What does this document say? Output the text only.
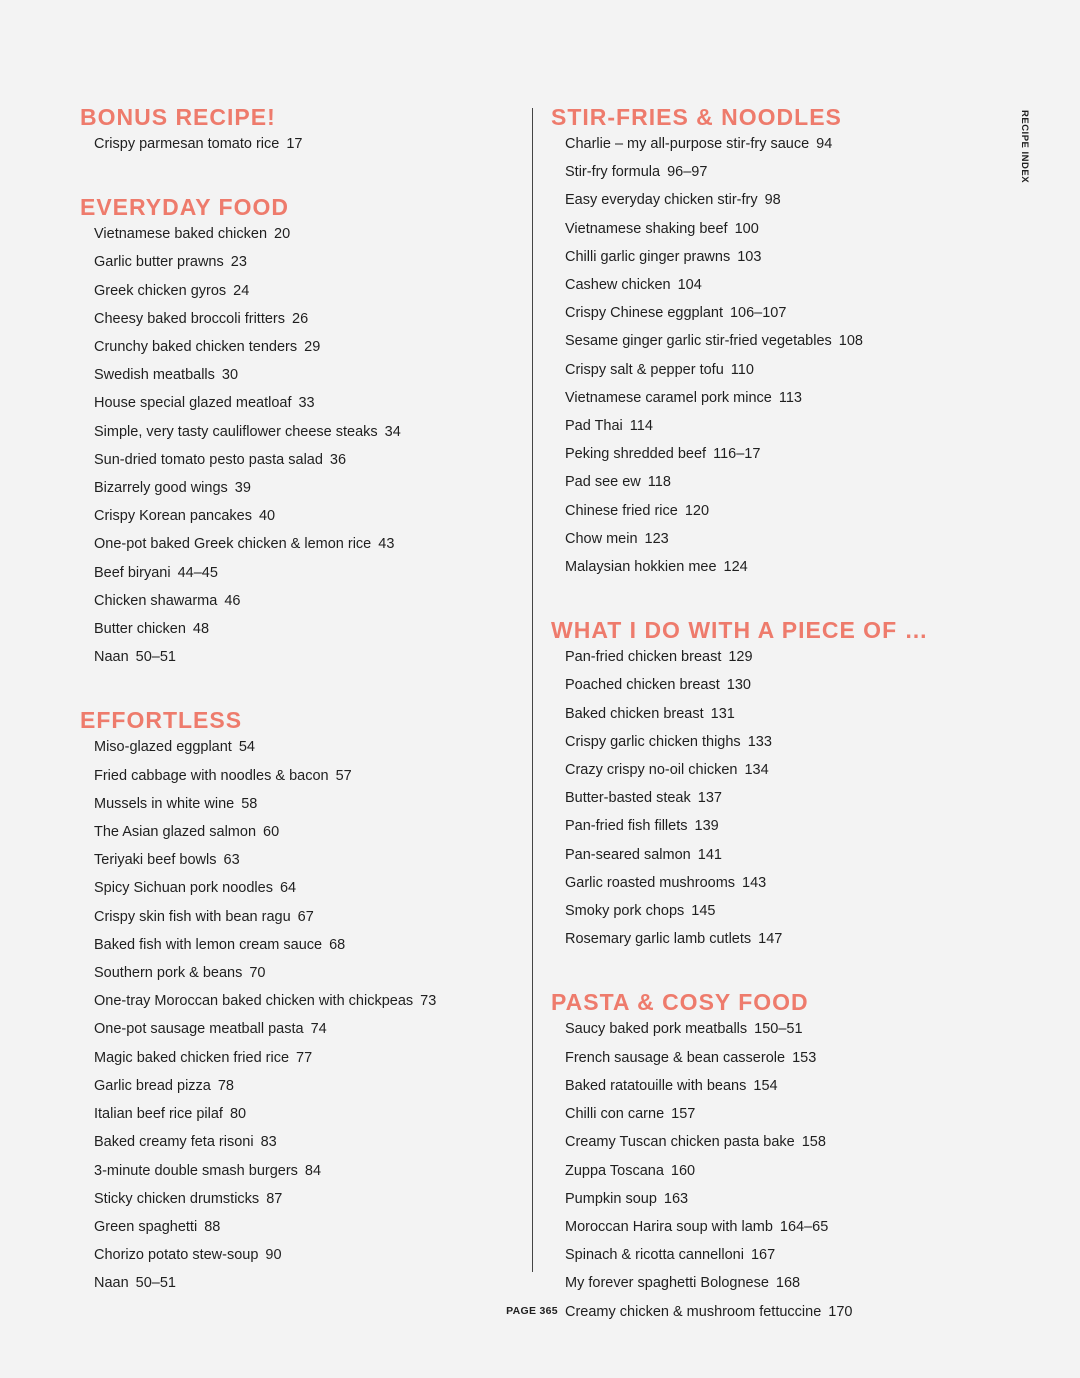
BONUS RECIPE!
Crispy parmesan tomato rice 17
EVERYDAY FOOD
Vietnamese baked chicken 20
Garlic butter prawns 23
Greek chicken gyros 24
Cheesy baked broccoli fritters 26
Crunchy baked chicken tenders 29
Swedish meatballs 30
House special glazed meatloaf 33
Simple, very tasty cauliflower cheese steaks 34
Sun-dried tomato pesto pasta salad 36
Bizarrely good wings 39
Crispy Korean pancakes 40
One-pot baked Greek chicken & lemon rice 43
Beef biryani 44–45
Chicken shawarma 46
Butter chicken 48
Naan 50–51
EFFORTLESS
Miso-glazed eggplant 54
Fried cabbage with noodles & bacon 57
Mussels in white wine 58
The Asian glazed salmon 60
Teriyaki beef bowls 63
Spicy Sichuan pork noodles 64
Crispy skin fish with bean ragu 67
Baked fish with lemon cream sauce 68
Southern pork & beans 70
One-tray Moroccan baked chicken with chickpeas 73
One-pot sausage meatball pasta 74
Magic baked chicken fried rice 77
Garlic bread pizza 78
Italian beef rice pilaf 80
Baked creamy feta risoni 83
3-minute double smash burgers 84
Sticky chicken drumsticks 87
Green spaghetti 88
Chorizo potato stew-soup 90
Naan 50–51
STIR-FRIES & NOODLES
Charlie – my all-purpose stir-fry sauce 94
Stir-fry formula 96–97
Easy everyday chicken stir-fry 98
Vietnamese shaking beef 100
Chilli garlic ginger prawns 103
Cashew chicken 104
Crispy Chinese eggplant 106–107
Sesame ginger garlic stir-fried vegetables 108
Crispy salt & pepper tofu 110
Vietnamese caramel pork mince 113
Pad Thai 114
Peking shredded beef 116–17
Pad see ew 118
Chinese fried rice 120
Chow mein 123
Malaysian hokkien mee 124
WHAT I DO WITH A PIECE OF …
Pan-fried chicken breast 129
Poached chicken breast 130
Baked chicken breast 131
Crispy garlic chicken thighs 133
Crazy crispy no-oil chicken 134
Butter-basted steak 137
Pan-fried fish fillets 139
Pan-seared salmon 141
Garlic roasted mushrooms 143
Smoky pork chops 145
Rosemary garlic lamb cutlets 147
PASTA & COSY FOOD
Saucy baked pork meatballs 150–51
French sausage & bean casserole 153
Baked ratatouille with beans 154
Chilli con carne 157
Creamy Tuscan chicken pasta bake 158
Zuppa Toscana 160
Pumpkin soup 163
Moroccan Harira soup with lamb 164–65
Spinach & ricotta cannelloni 167
My forever spaghetti Bolognese 168
Creamy chicken & mushroom fettuccine 170
RECIPE INDEX
PAGE 365
